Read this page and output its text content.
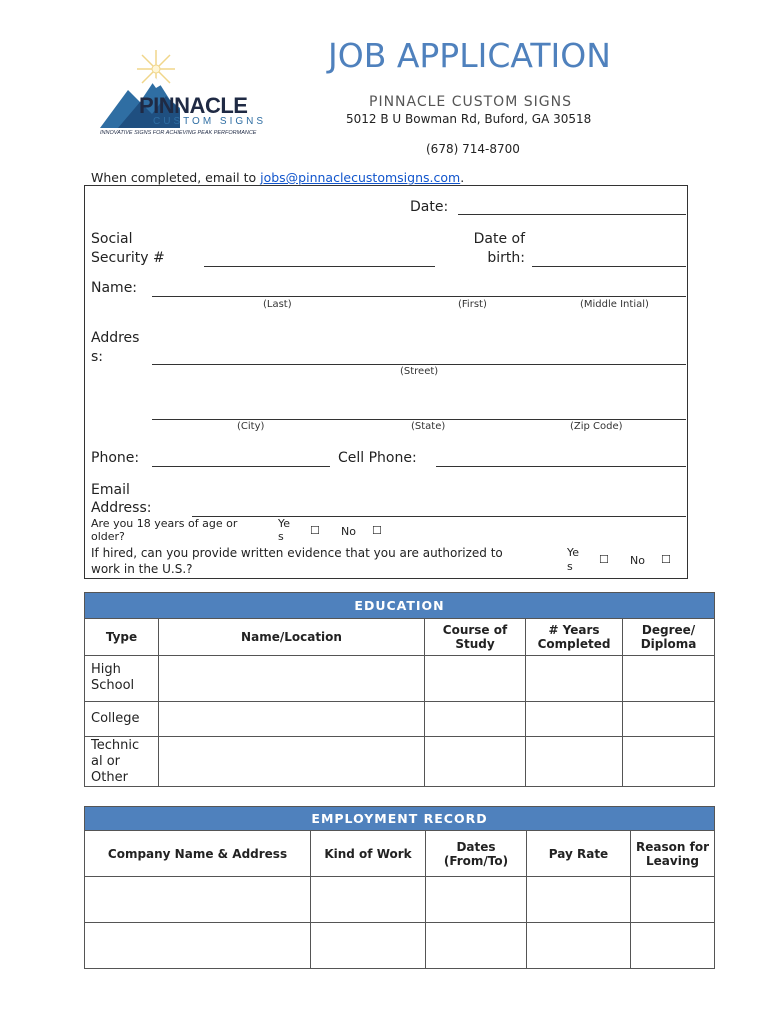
PINNACLE
CUSTOM SIGNS
INNOVATIVE SIGNS FOR ACHIEVING PEAK PERFORMANCE
JOB APPLICATION
PINNACLE CUSTOM SIGNS
5012 B U Bowman Rd, Buford, GA 30518
(678) 714-8700
When completed, email to jobs@pinnaclecustomsigns.com.
Date:
Social
Security #
Date of
birth:
Name:
(Last)	(First)	(Middle Intial)
Addres
s:
(Street)
(City)	(State)	(Zip Code)
Phone:	Cell Phone:
Email
Address:
Are you 18 years of age or
older?
Ye
s	☐ No ☐
If hired, can you provide written evidence that you are authorized to
work in the U.S.?
Ye
s
☐ No ☐
EDUCATION				
Type	Name/Location	Course of Study	# Years Completed	Degree/ Diploma

High
School				

College				

Technic
al or
Other				

EMPLOYMENT RECORD				
Company Name & Address	Kind of Work	Dates (From/To)	Pay Rate	Reason for Leaving
